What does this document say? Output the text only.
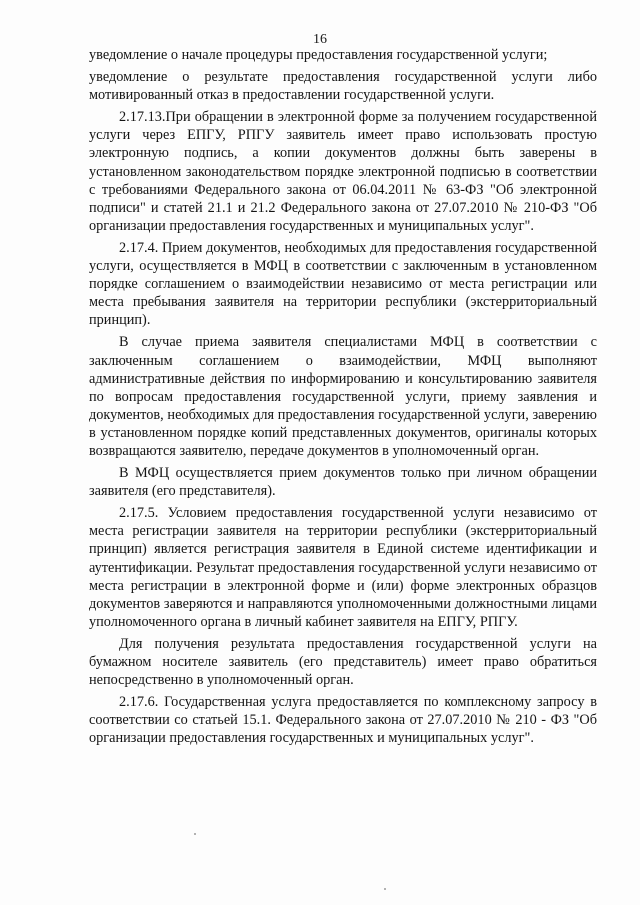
16

уведомление о начале процедуры предоставления государственной услуги;

уведомление о результате предоставления государственной услуги либо мотивированный отказ в предоставлении государственной услуги.

2.17.13.При обращении в электронной форме за получением государственной услуги через ЕПГУ, РПГУ заявитель имеет право использовать простую электронную подпись, а копии документов должны быть заверены в установленном законодательством порядке электронной подписью в соответствии с требованиями Федерального закона от 06.04.2011 № 63-ФЗ "Об электронной подписи" и статей 21.1 и 21.2 Федерального закона от 27.07.2010 № 210-ФЗ "Об организации предоставления государственных и муниципальных услуг".

2.17.4. Прием документов, необходимых для предоставления государственной услуги, осуществляется в МФЦ в соответствии с заключенным в установленном порядке соглашением о взаимодействии независимо от места регистрации или места пребывания заявителя на территории республики (экстерриториальный принцип).

В случае приема заявителя специалистами МФЦ в соответствии с заключенным соглашением о взаимодействии, МФЦ выполняют административные действия по информированию и консультированию заявителя по вопросам предоставления государственной услуги, приему заявления и документов, необходимых для предоставления государственной услуги, заверению в установленном порядке копий представленных документов, оригиналы которых возвращаются заявителю, передаче документов в уполномоченный орган.

В МФЦ осуществляется прием документов только при личном обращении заявителя (его представителя).

2.17.5. Условием предоставления государственной услуги независимо от места регистрации заявителя на территории республики (экстерриториальный принцип) является регистрация заявителя в Единой системе идентификации и аутентификации. Результат предоставления государственной услуги независимо от места регистрации в электронной форме и (или) форме электронных образцов документов заверяются и направляются уполномоченными должностными лицами уполномоченного органа в личный кабинет заявителя на ЕПГУ, РПГУ.

Для получения результата предоставления государственной услуги на бумажном носителе заявитель (его представитель) имеет право обратиться непосредственно в уполномоченный орган.

2.17.6. Государственная услуга предоставляется по комплексному запросу в соответствии со статьей 15.1. Федерального закона от 27.07.2010 № 210 - ФЗ "Об организации предоставления государственных и муниципальных услуг".
